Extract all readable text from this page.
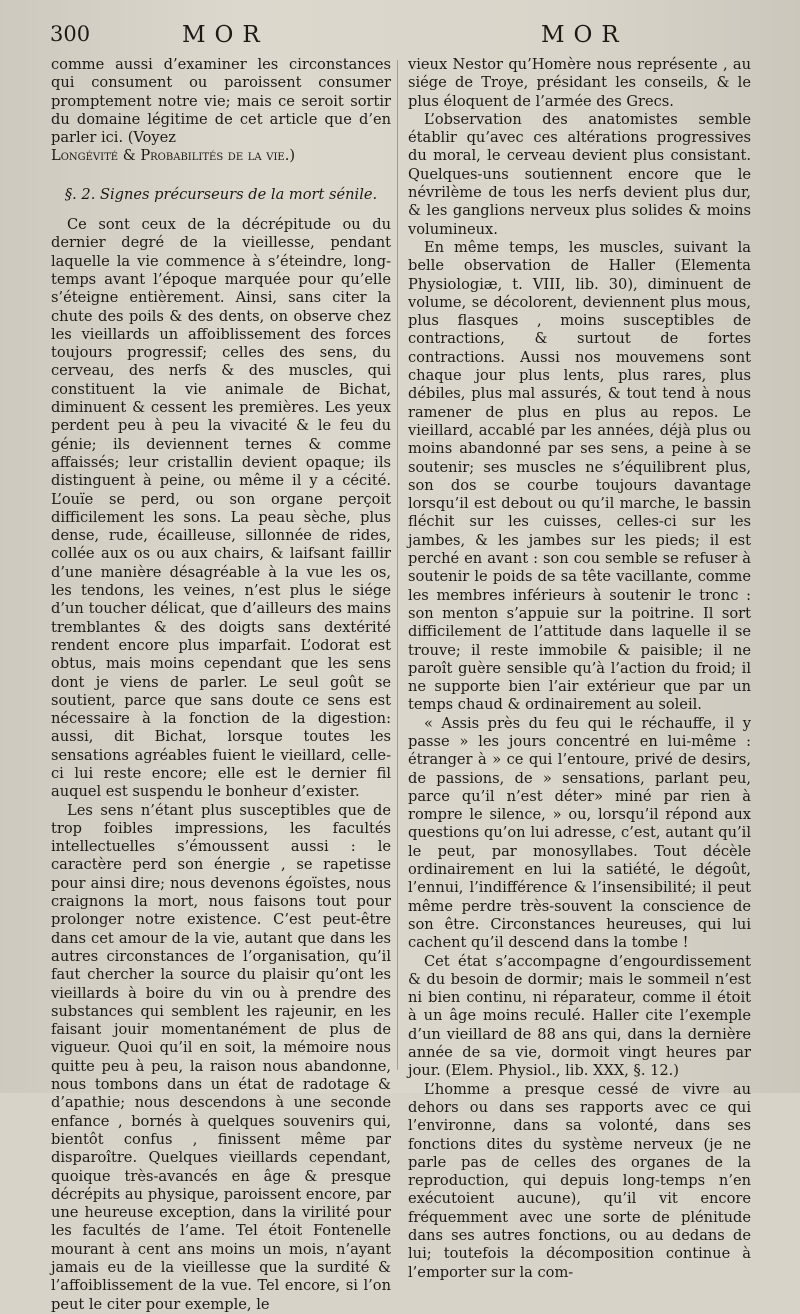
300	MOR	MOR

comme aussi d’examiner les circonstances qui consument ou paroissent consumer promptement notre vie; mais ce seroit sortir du domaine légitime de cet article que d’en parler ici. (Voyez

Longévité & Probabilités de la vie.)

§. 2. Signes précurseurs de la mort sénile.

Ce sont ceux de la décrépitude ou du dernier degré de la vieillesse, pendant laquelle la vie commence à s’éteindre, long-temps avant l’époque marquée pour qu’elle s’éteigne entièrement. Ainsi, sans citer la chute des poils & des dents, on observe chez les vieillards un affoiblissement des forces toujours progressif; celles des sens, du cerveau, des nerfs & des muscles, qui constituent la vie animale de Bichat, diminuent & cessent les premières. Les yeux perdent peu à peu la vivacité & le feu du génie; ils deviennent ternes & comme affaissés; leur cristallin devient opaque; ils distinguent à peine, ou même il y a cécité. L’ouïe se perd, ou son organe perçoit difficilement les sons. La peau sèche, plus dense, rude, écailleuse, sillonnée de rides, collée aux os ou aux chairs, & laifsant faillir d’une manière désagréable à la vue les os, les tendons, les veines, n’est plus le siége d’un toucher délicat, que d’ailleurs des mains tremblantes & des doigts sans dextérité rendent encore plus imparfait. L’odorat est obtus, mais moins cependant que les sens dont je viens de parler. Le seul goût se soutient, parce que sans doute ce sens est nécessaire à la fonction de la digestion: aussi, dit Bichat, lorsque toutes les sensations agréables fuient le vieillard, celle-ci lui reste encore; elle est le dernier fil auquel est suspendu le bonheur d’exister.

Les sens n’étant plus susceptibles que de trop foibles impressions, les facultés intellectuelles s’émoussent aussi : le caractère perd son énergie , se rapetisse pour ainsi dire; nous devenons égoïstes, nous craignons la mort, nous faisons tout pour prolonger notre existence. C’est peut-être dans cet amour de la vie, autant que dans les autres circonstances de l’organisation, qu’il faut chercher la source du plaisir qu’ont les vieillards à boire du vin ou à prendre des substances qui semblent les rajeunir, en les faisant jouir momentanément de plus de vigueur. Quoi qu’il en soit, la mémoire nous quitte peu à peu, la raison nous abandonne, nous tombons dans un état de radotage & d’apathie; nous descendons à une seconde enfance , bornés à quelques souvenirs qui, bientôt confus , finissent même par disparoître. Quelques vieillards cependant, quoique très-avancés en âge & presque décrépits au physique, paroissent encore, par une heureuse exception, dans la virilité pour les facultés de l’ame. Tel étoit Fontenelle mourant à cent ans moins un mois, n’ayant jamais eu de la vieillesse que la surdité & l’affoiblissement de la vue. Tel encore, si l’on peut le citer pour exemple, le

vieux Nestor qu’Homère nous représente , au siége de Troye, présidant les conseils, & le plus éloquent de l’armée des Grecs.

L’observation des anatomistes semble établir qu’avec ces altérations progressives du moral, le cerveau devient plus consistant. Quelques-uns soutiennent encore que le névrilème de tous les nerfs devient plus dur, & les ganglions nerveux plus solides & moins volumineux.

En même temps, les muscles, suivant la belle observation de Haller (Elementa Physiologiæ, t. VIII, lib. 30), diminuent de volume, se décolorent, deviennent plus mous, plus flasques , moins susceptibles de contractions, & surtout de fortes contractions. Aussi nos mouvemens sont chaque jour plus lents, plus rares, plus débiles, plus mal assurés, & tout tend à nous ramener de plus en plus au repos. Le vieillard, accablé par les années, déjà plus ou moins abandonné par ses sens, a peine à se soutenir; ses muscles ne s’équilibrent plus, son dos se courbe toujours davantage lorsqu’il est debout ou qu’il marche, le bassin fléchit sur les cuisses, celles-ci sur les jambes, & les jambes sur les pieds; il est perché en avant : son cou semble se refuser à soutenir le poids de sa tête vacillante, comme les membres inférieurs à soutenir le tronc : son menton s’appuie sur la poitrine. Il sort difficilement de l’attitude dans laquelle il se trouve; il reste immobile & paisible; il ne paroît guère sensible qu’à l’action du froid; il ne supporte bien l’air extérieur que par un temps chaud & ordinairement au soleil.

« Assis près du feu qui le réchauffe, il y passe » les jours concentré en lui-même : étranger à » ce qui l’entoure, privé de desirs, de passions, de » sensations, parlant peu, parce qu’il n’est déter» miné par rien à rompre le silence, » ou, lorsqu’il répond aux questions qu’on lui adresse, c’est, autant qu’il le peut, par monosyllabes. Tout décèle ordinairement en lui la satiété, le dégoût, l’ennui, l’indifférence & l’insensibilité; il peut même perdre très-souvent la conscience de son être. Circonstances heureuses, qui lui cachent qu’il descend dans la tombe !

Cet état s’accompagne d’engourdissement & du besoin de dormir; mais le sommeil n’est ni bien continu, ni réparateur, comme il étoit à un âge moins reculé. Haller cite l’exemple d’un vieillard de 88 ans qui, dans la dernière année de sa vie, dormoit vingt heures par jour. (Elem. Physiol., lib. XXX, §. 12.)

L’homme a presque cessé de vivre au dehors ou dans ses rapports avec ce qui l’environne, dans sa volonté, dans ses fonctions dites du système nerveux (je ne parle pas de celles des organes de la reproduction, qui depuis long-temps n’en exécutoient aucune), qu’il vit encore fréquemment avec une sorte de plénitude dans ses autres fonctions, ou au dedans de lui; toutefois la décomposition continue à l’emporter sur la com-
